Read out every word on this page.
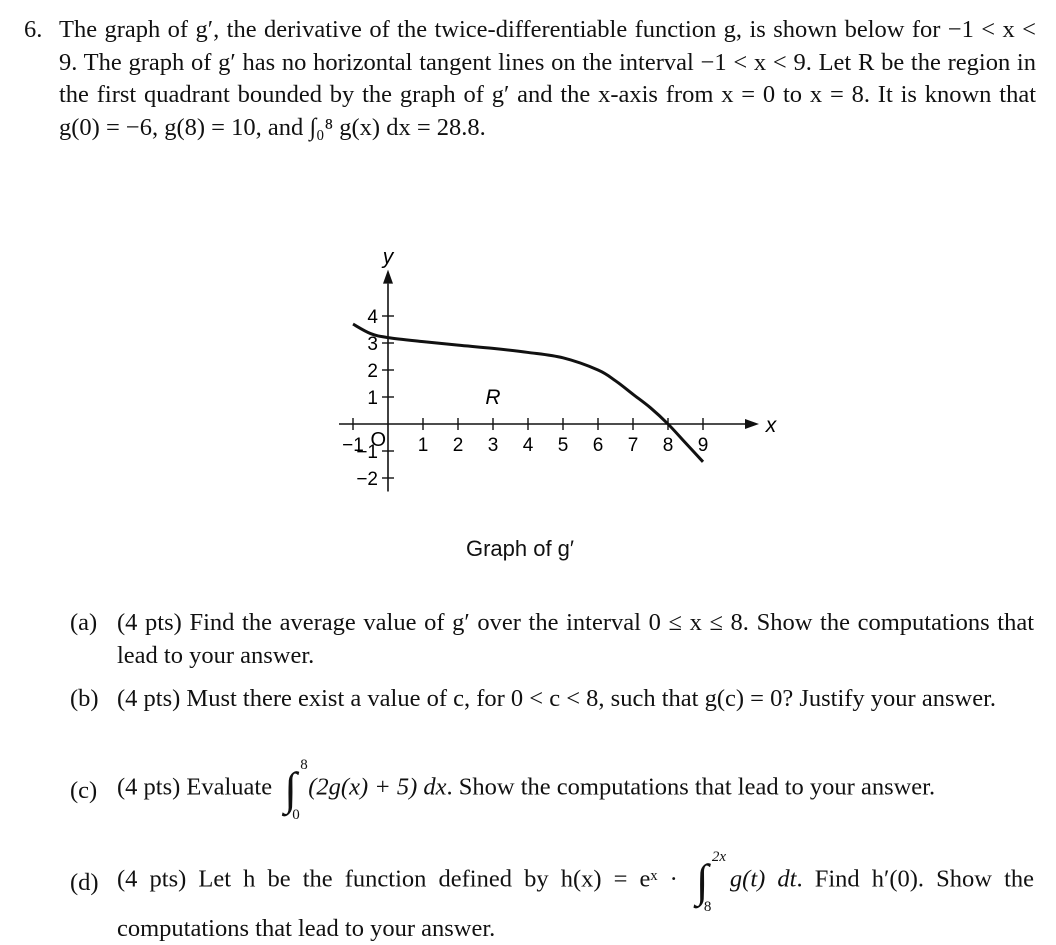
6. The graph of g′, the derivative of the twice-differentiable function g, is shown below for −1 < x < 9. The graph of g′ has no horizontal tangent lines on the interval −1 < x < 9. Let R be the region in the first quadrant bounded by the graph of g′ and the x-axis from x = 0 to x = 8. It is known that g(0) = −6, g(8) = 10, and ∫₀⁸ g(x) dx = 28.8.
−1	1 2 3 4 5 6 7 8 9
4
3
2
1
−1
−2
y
x
O
R
Graph of g′
(a) (4 pts) Find the average value of g′ over the interval 0 ≤ x ≤ 8. Show the computations that lead to your answer.
(b) (4 pts) Must there exist a value of c, for 0 < c < 8, such that g(c) = 0? Justify your answer.
(c) (4 pts) Evaluate ∫ 8
0
(2g(x) + 5) dx. Show the computations that lead to your answer.
(d) (4 pts) Let h be the function defined by h(x) = eˣ · ∫ 2x
8
g(t) dt. Find h′(0). Show the computations that lead to your answer.
